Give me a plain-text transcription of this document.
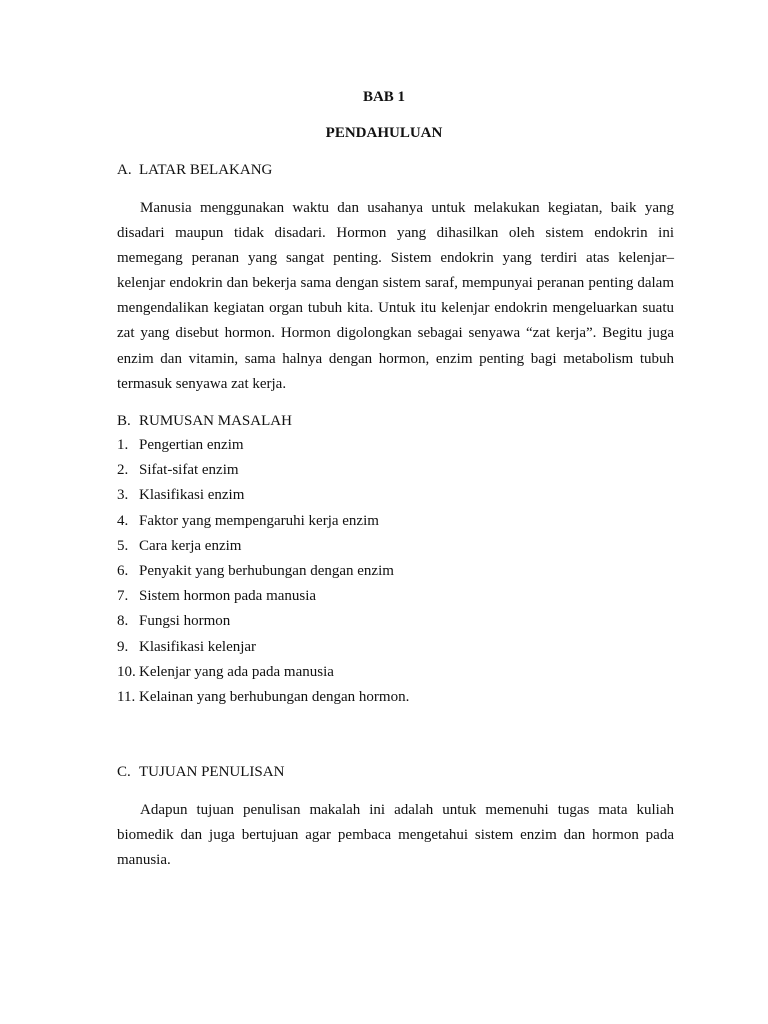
BAB 1
PENDAHULUAN
A. LATAR BELAKANG

Manusia menggunakan waktu dan usahanya untuk melakukan kegiatan, baik yang disadari maupun tidak disadari. Hormon yang dihasilkan oleh sistem endokrin ini memegang peranan yang sangat penting. Sistem endokrin yang terdiri atas kelenjar– kelenjar endokrin dan bekerja sama dengan sistem saraf, mempunyai peranan penting dalam mengendalikan kegiatan organ tubuh kita. Untuk itu kelenjar endokrin mengeluarkan suatu zat yang disebut hormon. Hormon digolongkan sebagai senyawa “zat kerja”. Begitu juga enzim dan vitamin, sama halnya dengan hormon, enzim penting bagi metabolism tubuh termasuk senyawa zat kerja.

B. RUMUSAN MASALAH
1. Pengertian enzim
2. Sifat-sifat enzim
3. Klasifikasi enzim
4. Faktor yang mempengaruhi kerja enzim
5. Cara kerja enzim
6. Penyakit yang berhubungan dengan enzim
7. Sistem hormon pada manusia
8. Fungsi hormon
9. Klasifikasi kelenjar
10. Kelenjar yang ada pada manusia
11. Kelainan yang berhubungan dengan hormon.
C. TUJUAN PENULISAN

Adapun tujuan penulisan makalah ini adalah untuk memenuhi tugas mata kuliah biomedik dan juga bertujuan agar pembaca mengetahui sistem enzim dan hormon pada manusia.
